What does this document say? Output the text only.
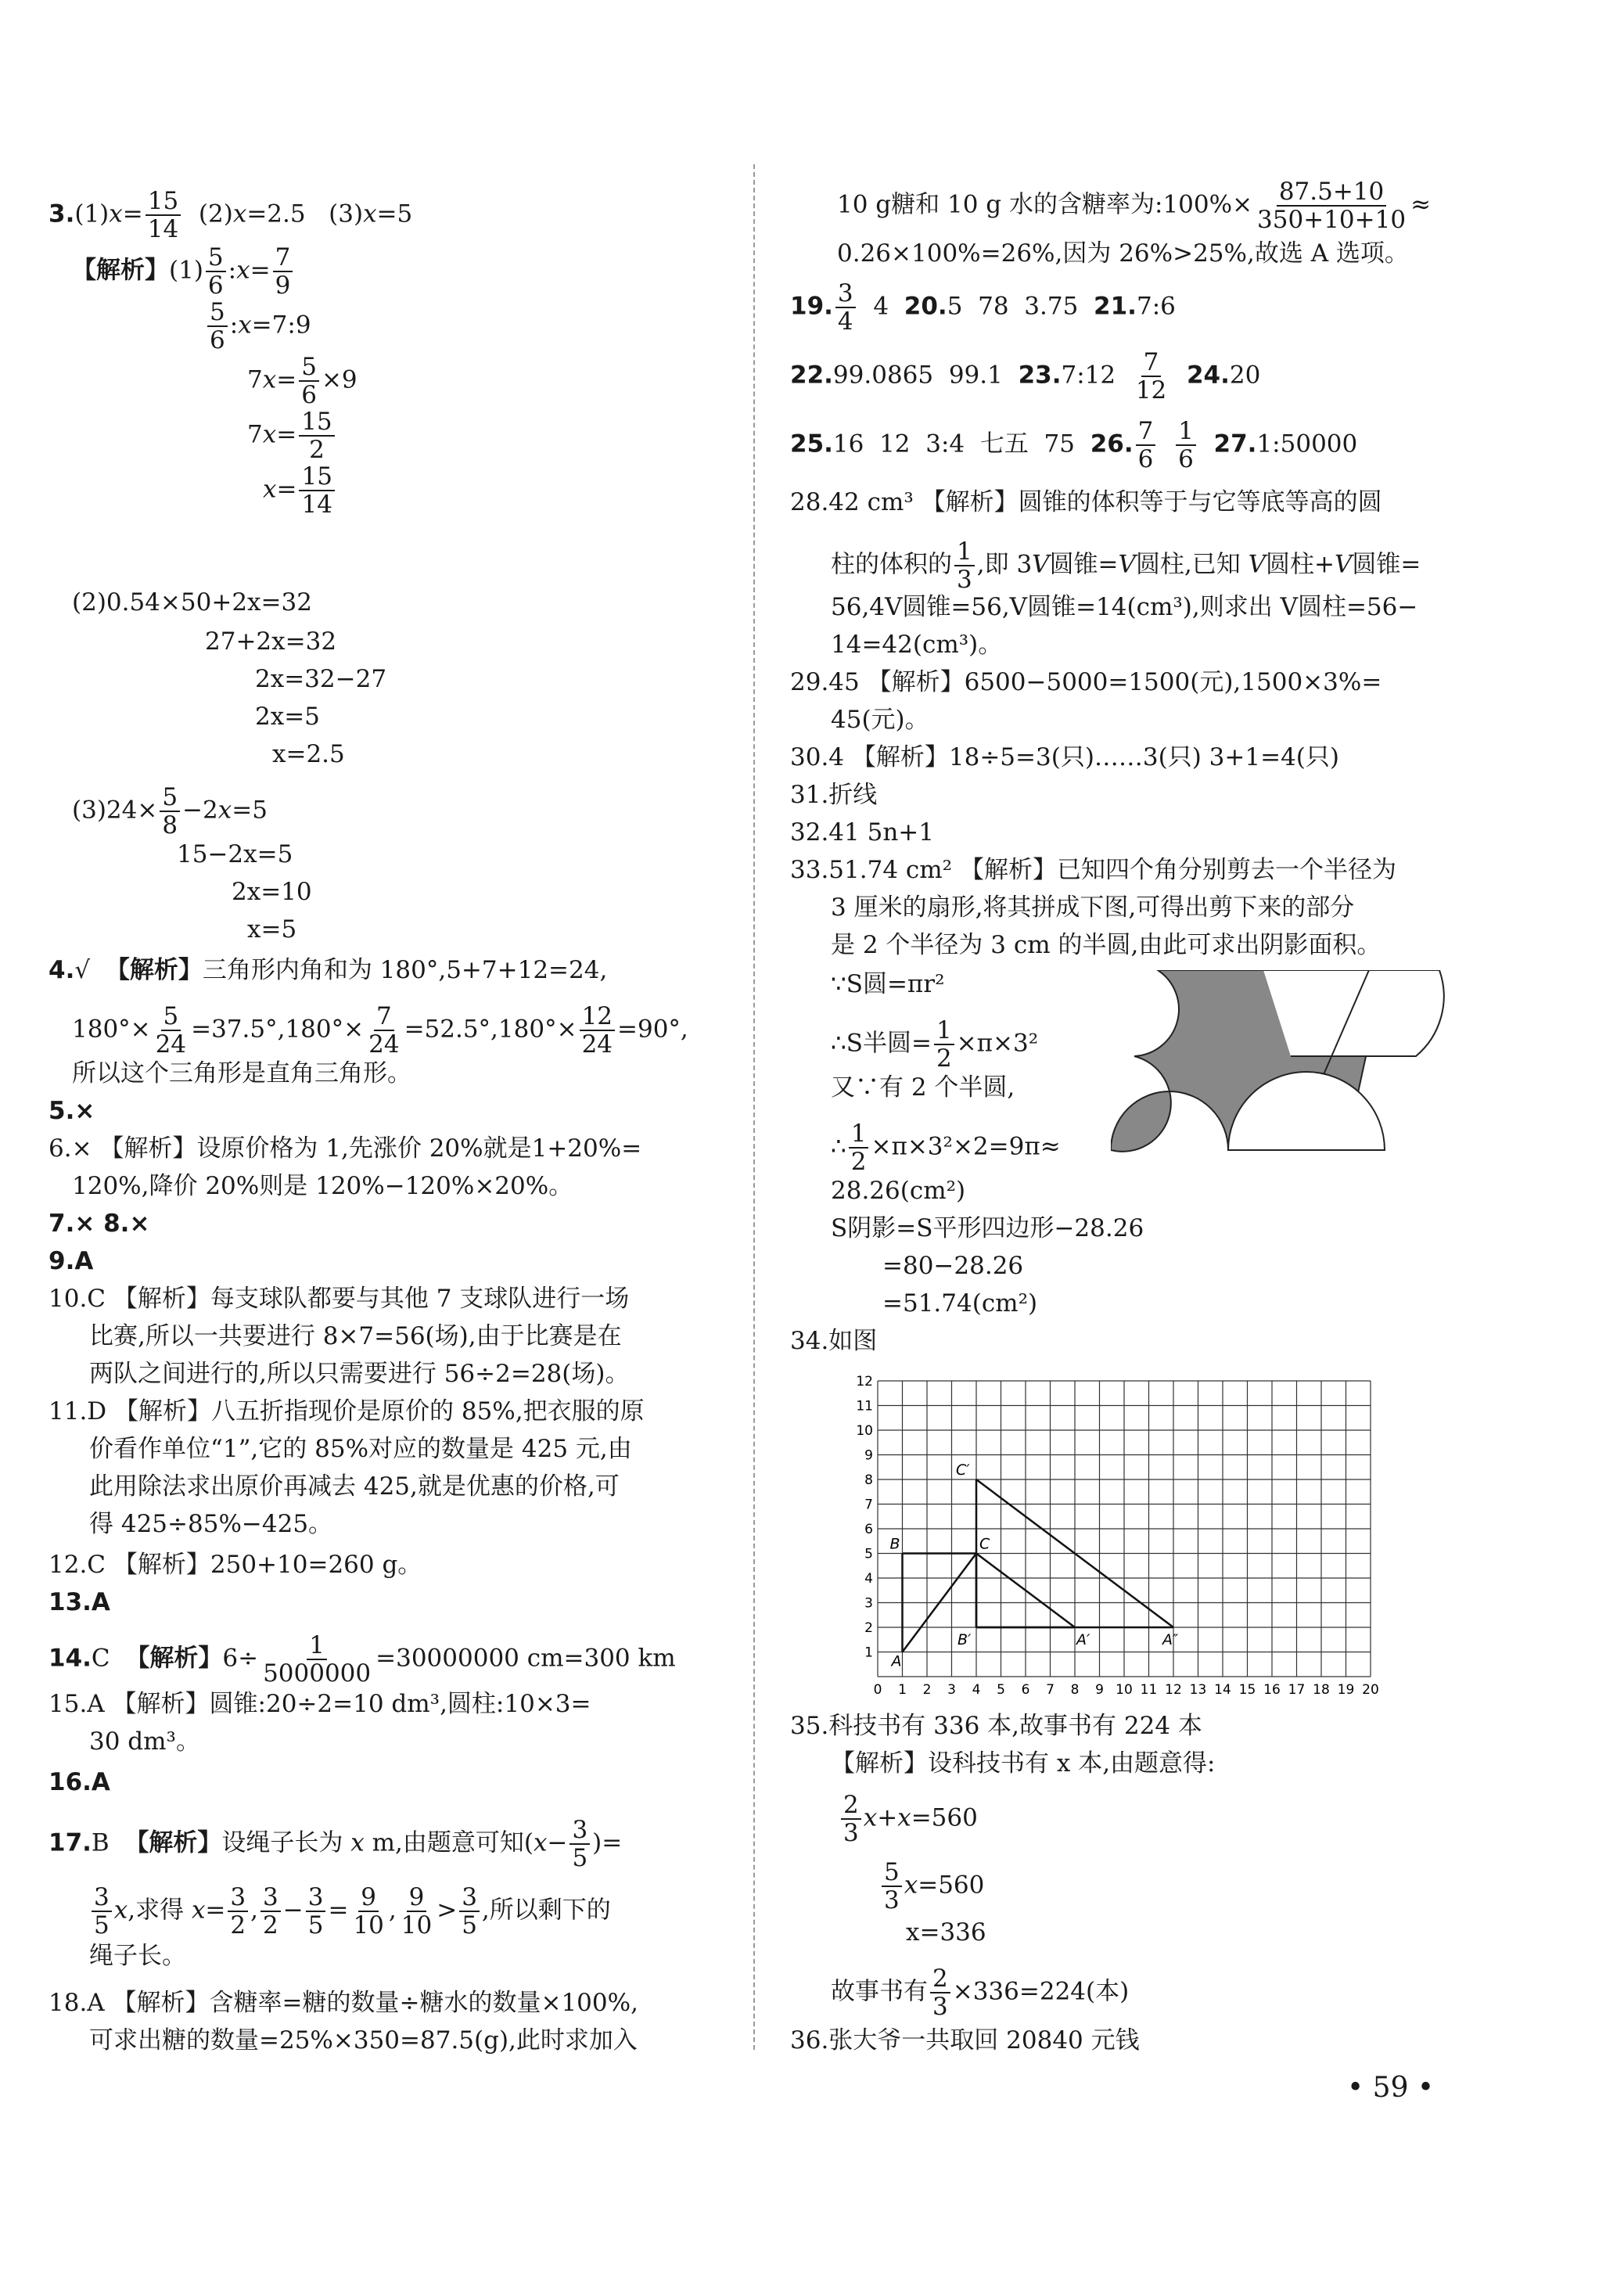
$3.(1)x= \frac{15}{14} (2)x=2.5$   (3)x=5
【解析】$(1) \frac{5}{6}$ :x= $\frac{7}{9}$
$\frac{5}{6}$ :x=7:9
$7x= \frac{5}{6} \times 9$
$7x= \frac{15}{2}$
$x= \frac{15}{14}$
(2)0.54×50+2x=32
27+2x=32
2x=32−27
2x=5
x=2.5
$(3)24\times \frac{5}{8} -2x=5$
15−2x=5
2x=10
x=5
4.√  【解析】三角形内角和为 180°,5+7+12=24,
$180^\circ\times \frac{5}{24} =37.5^\circ,180^\circ\times \frac{7}{24} =52.5^\circ,180^\circ\times \frac{12}{24} =90^\circ$,
所以这个三角形是直角三角形。
5.×
6.× 【解析】设原价格为 1,先涨价 20%就是1+20%=
120%,降价 20%则是 120%−120%×20%。
7.× 8.×
9.A
10.C 【解析】每支球队都要与其他 7 支球队进行一场
比赛,所以一共要进行 8×7=56(场),由于比赛是在
两队之间进行的,所以只需要进行 56÷2=28(场)。
11.D 【解析】八五折指现价是原价的 85%,把衣服的原
价看作单位“1”,它的 85%对应的数量是 425 元,由
此用除法求出原价再减去 425,就是优惠的价格,可
得 425÷85%−425。
12.C 【解析】250+10=260 g。
13.A
14.C  【解析】$6\div \frac{1}{5000000} =30000000$ cm=300 km
15.A 【解析】圆锥:20÷2=10 dm³,圆柱:10×3=
30 dm³。
16.A
17.B  【解析】设绳子长为 x m,由题意可知($x- \frac{3}{5}$ )=
$\frac{3}{5} x$,求得 $x= \frac{3}{2}$ , $\frac{3}{2} - \frac{3}{5} = \frac{9}{10}$ , $\frac{9}{10} > \frac{3}{5}$ ,所以剩下的
绳子长。
18.A 【解析】含糖率=糖的数量÷糖水的数量×100%,
可求出糖的数量=25%×350=87.5(g),此时求加入
10 g糖和 10 g 水的含糖率为:100%× $\frac{87.5+10}{350+10+10}$ ≈
0.26×100%=26%,因为 26%>25%,故选 A 选项。
19. $\frac{3}{4} 4$  20.5  78  3.75  21.7:6
22.99.0865  99.1  23.7:12 $\frac{7}{12} 24.20$
25.16  12  3:4  七五  75  26. $\frac{7}{6}$
$\frac{1}{6}$ 27.1:50000
28.42 cm³ 【解析】圆锥的体积等于与它等底等高的圆
柱的体积的 $\frac{1}{3}$ ,即 3V圆锥=V圆柱,已知 V圆柱+V圆锥=
56,4V圆锥=56,V圆锥=14(cm³),则求出 V圆柱=56−
14=42(cm³)。
29.45 【解析】6500−5000=1500(元),1500×3%=
45(元)。
30.4 【解析】18÷5=3(只)……3(只) 3+1=4(只)
31.折线
32.41 5n+1
33.51.74 cm² 【解析】已知四个角分别剪去一个半径为
3 厘米的扇形,将其拼成下图,可得出剪下来的部分
是 2 个半径为 3 cm 的半圆,由此可求出阴影面积。
∵S圆=πr²
∴S半圆= $\frac{1}{2} \times\pi\times 3^2$
又∵有 2 个半圆,
∴ $\frac{1}{2} \times\pi\times 3^2\times 2=9\pi\approx$
28.26(cm²)
S阴影=S平形四边形−28.26
=80−28.26
=51.74(cm²)
34.如图
0 1 2 3 4 5 6 7 8 9 10 11 12 13 14 15 16 17 18 19 20
1
2
3
4
5
6
7
8
9
10
11
12
A
B	C
B′	A′
C′
A″
35.科技书有 336 本,故事书有 224 本
【解析】设科技书有 x 本,由题意得:
$\frac{2}{3} x+x=560$
$\frac{5}{3} x=560$
x=336
故事书有 $\frac{2}{3} \times 336=224$(本)
36.张大爷一共取回 20840 元钱
• 59 •
